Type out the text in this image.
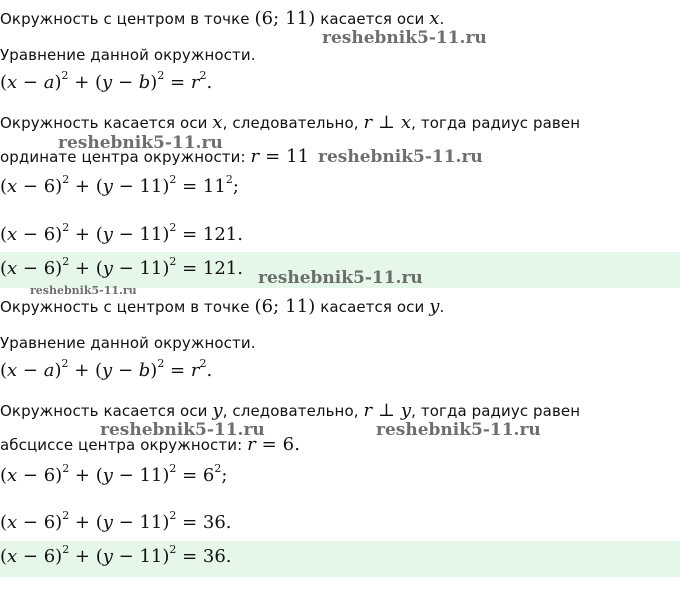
Окружность с центром в точке (6; 11) касается оси x.
Уравнение данной окружности.
$(x - a)^2 + (y - b)^2 = r^2$.
Окружность касается оси x, следовательно, r ⊥ x, тогда радиус равен
ординате центра окружности: r = 11
$(x - 6)^2 + (y - 11)^2 = 11^2$;
$(x - 6)^2 + (y - 11)^2 = 121$.
$(x - 6)^2 + (y - 11)^2 = 121$.
Окружность с центром в точке (6; 11) касается оси y.
Уравнение данной окружности.
$(x - a)^2 + (y - b)^2 = r^2$.
Окружность касается оси y, следовательно, r ⊥ y, тогда радиус равен
абсциссе центра окружности: r = 6.
$(x - 6)^2 + (y - 11)^2 = 6^2$;
$(x - 6)^2 + (y - 11)^2 = 36$.
$(x - 6)^2 + (y - 11)^2 = 36$.
reshebnik5-11.ru
reshebnik5-11.ru
reshebnik5-11.ru
reshebnik5-11.ru
reshebnik5-11.ru
reshebnik5-11.ru	reshebnik5-11.ru
